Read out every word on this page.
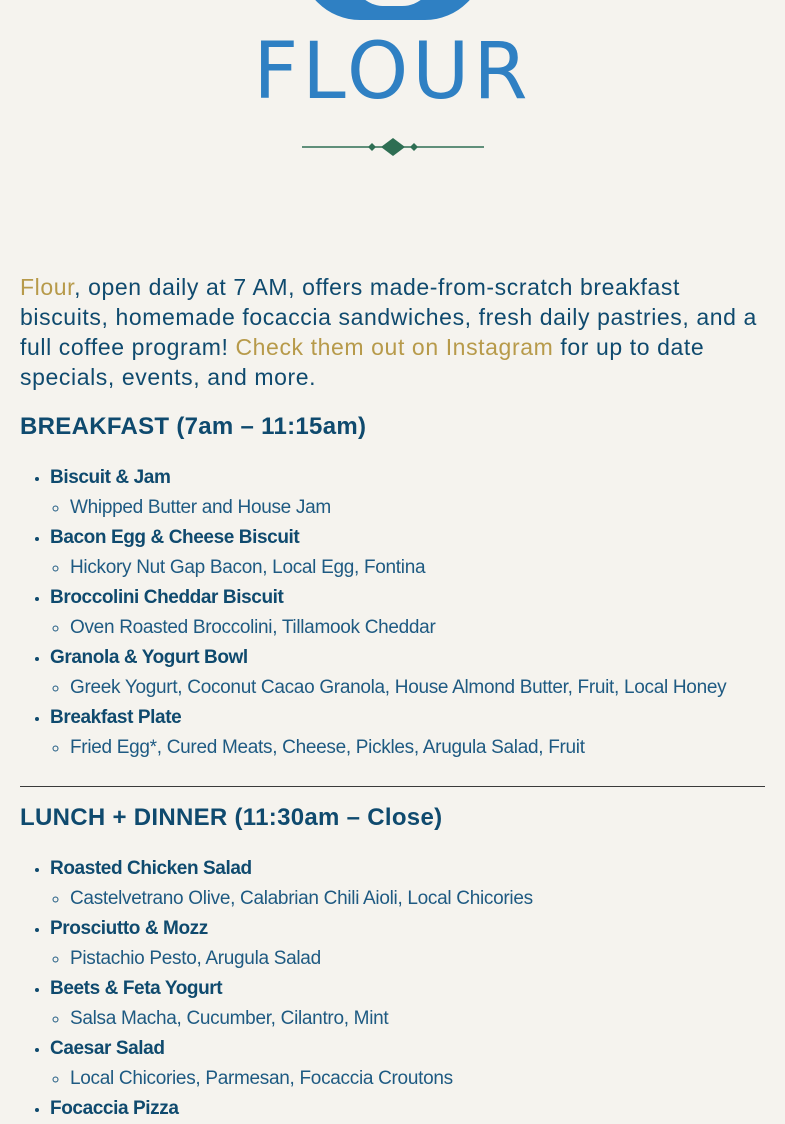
FLOUR

Flour, open daily at 7 AM, offers made-from-scratch breakfast biscuits, homemade focaccia sandwiches, fresh daily pastries, and a full coffee program! Check them out on Instagram for up to date specials, events, and more.

BREAKFAST (7am – 11:15am)
• Biscuit & Jam
◦ Whipped Butter and House Jam
• Bacon Egg & Cheese Biscuit
◦ Hickory Nut Gap Bacon, Local Egg, Fontina
• Broccolini Cheddar Biscuit
◦ Oven Roasted Broccolini, Tillamook Cheddar
• Granola & Yogurt Bowl
◦ Greek Yogurt, Coconut Cacao Granola, House Almond Butter, Fruit, Local Honey
• Breakfast Plate
◦ Fried Egg*, Cured Meats, Cheese, Pickles, Arugula Salad, Fruit
LUNCH + DINNER (11:30am – Close)
• Roasted Chicken Salad
◦ Castelvetrano Olive, Calabrian Chili Aioli, Local Chicories
• Prosciutto & Mozz
◦ Pistachio Pesto, Arugula Salad
• Beets & Feta Yogurt
◦ Salsa Macha, Cucumber, Cilantro, Mint
• Caesar Salad
◦ Local Chicories, Parmesan, Focaccia Croutons
• Focaccia Pizza
